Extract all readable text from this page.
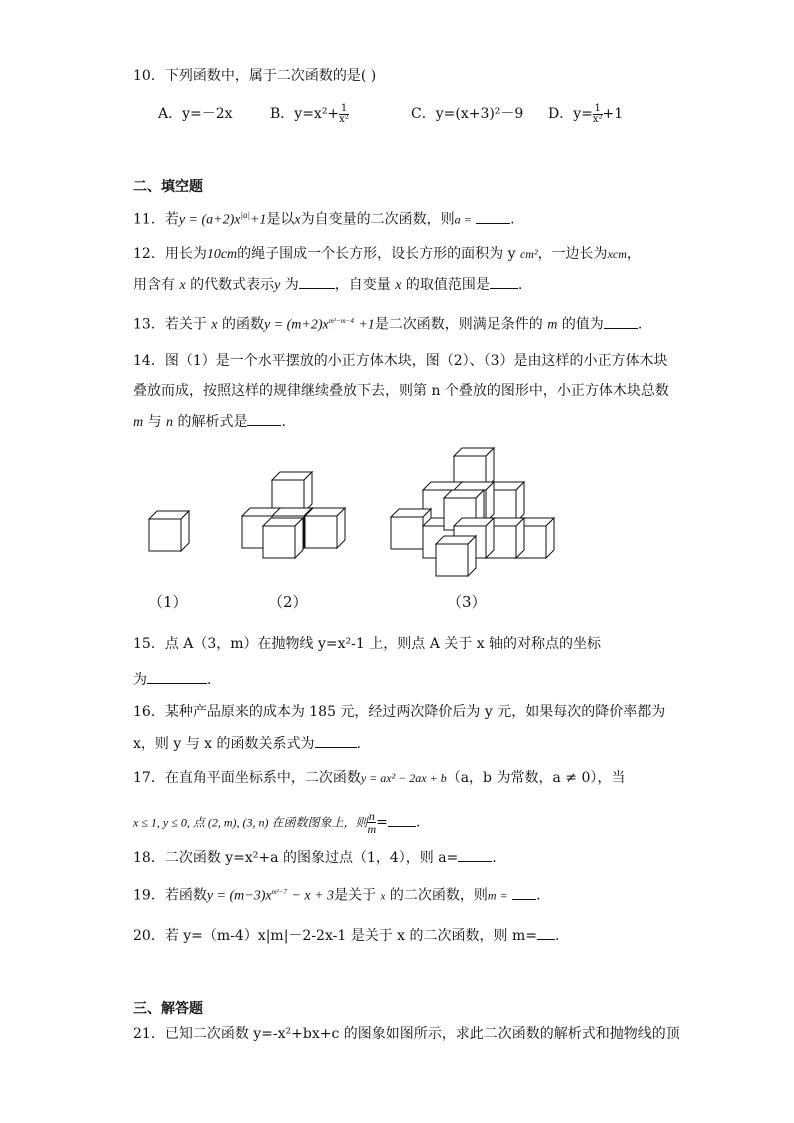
10．下列函数中，属于二次函数的是( )
A．y=－2x	B．$y=x^2+ \frac{1}{\text{x²}}$	C．y=(x+3)²－9 D．$y= \frac{1}{\text{x²}} +1$
二、填空题
11．若$y = (a+2)x^{|a|}+1$是以x为自变量的二次函数，则a =	.
12．用长为10cm的绳子围成一个长方形，设长方形的面积为 y cm²，一边长为xcm，
用含有 x 的代数式表示y 为	，自变量 x 的取值范围是 .
13．若关于 x 的函数$y = (m+2)x^{m^2-m-4} +1$是二次函数，则满足条件的 m 的值为 .
14．图（1）是一个水平摆放的小正方体木块，图（2）、（3）是由这样的小正方体木块
叠放而成，按照这样的规律继续叠放下去，则第 n 个叠放的图形中，小正方体木块总数
m 与 n 的解析式是 .
（1）	（2）	（3）
15．点 A（3，m）在抛物线 y=x²-1 上，则点 A 关于 x 轴的对称点的坐标
为	.
16．某种产品原来的成本为 185 元，经过两次降价后为 y 元，如果每次的降价率都为
x，则 y 与 x 的函数关系式为	.
17．在直角平面坐标系中，二次函数y = ax² − 2ax + b（a，b 为常数，a ≠ 0），当
x ≤ 1, y ≤ 0, 点 (2, m), (3, n) 在函数图象上，则 $\frac{n}{m}$ = .
18．二次函数 y=x²+a 的图象过点（1，4），则 a= .
19．若函数$y = (m-3)x^{m^2-7} - x + 3$是关于 x 的二次函数，则m = .
20．若 y=（m-4）x|m|－2-2x-1 是关于 x 的二次函数，则 m= .
三、解答题
21．已知二次函数 y=-x²+bx+c 的图象如图所示，求此二次函数的解析式和抛物线的顶
